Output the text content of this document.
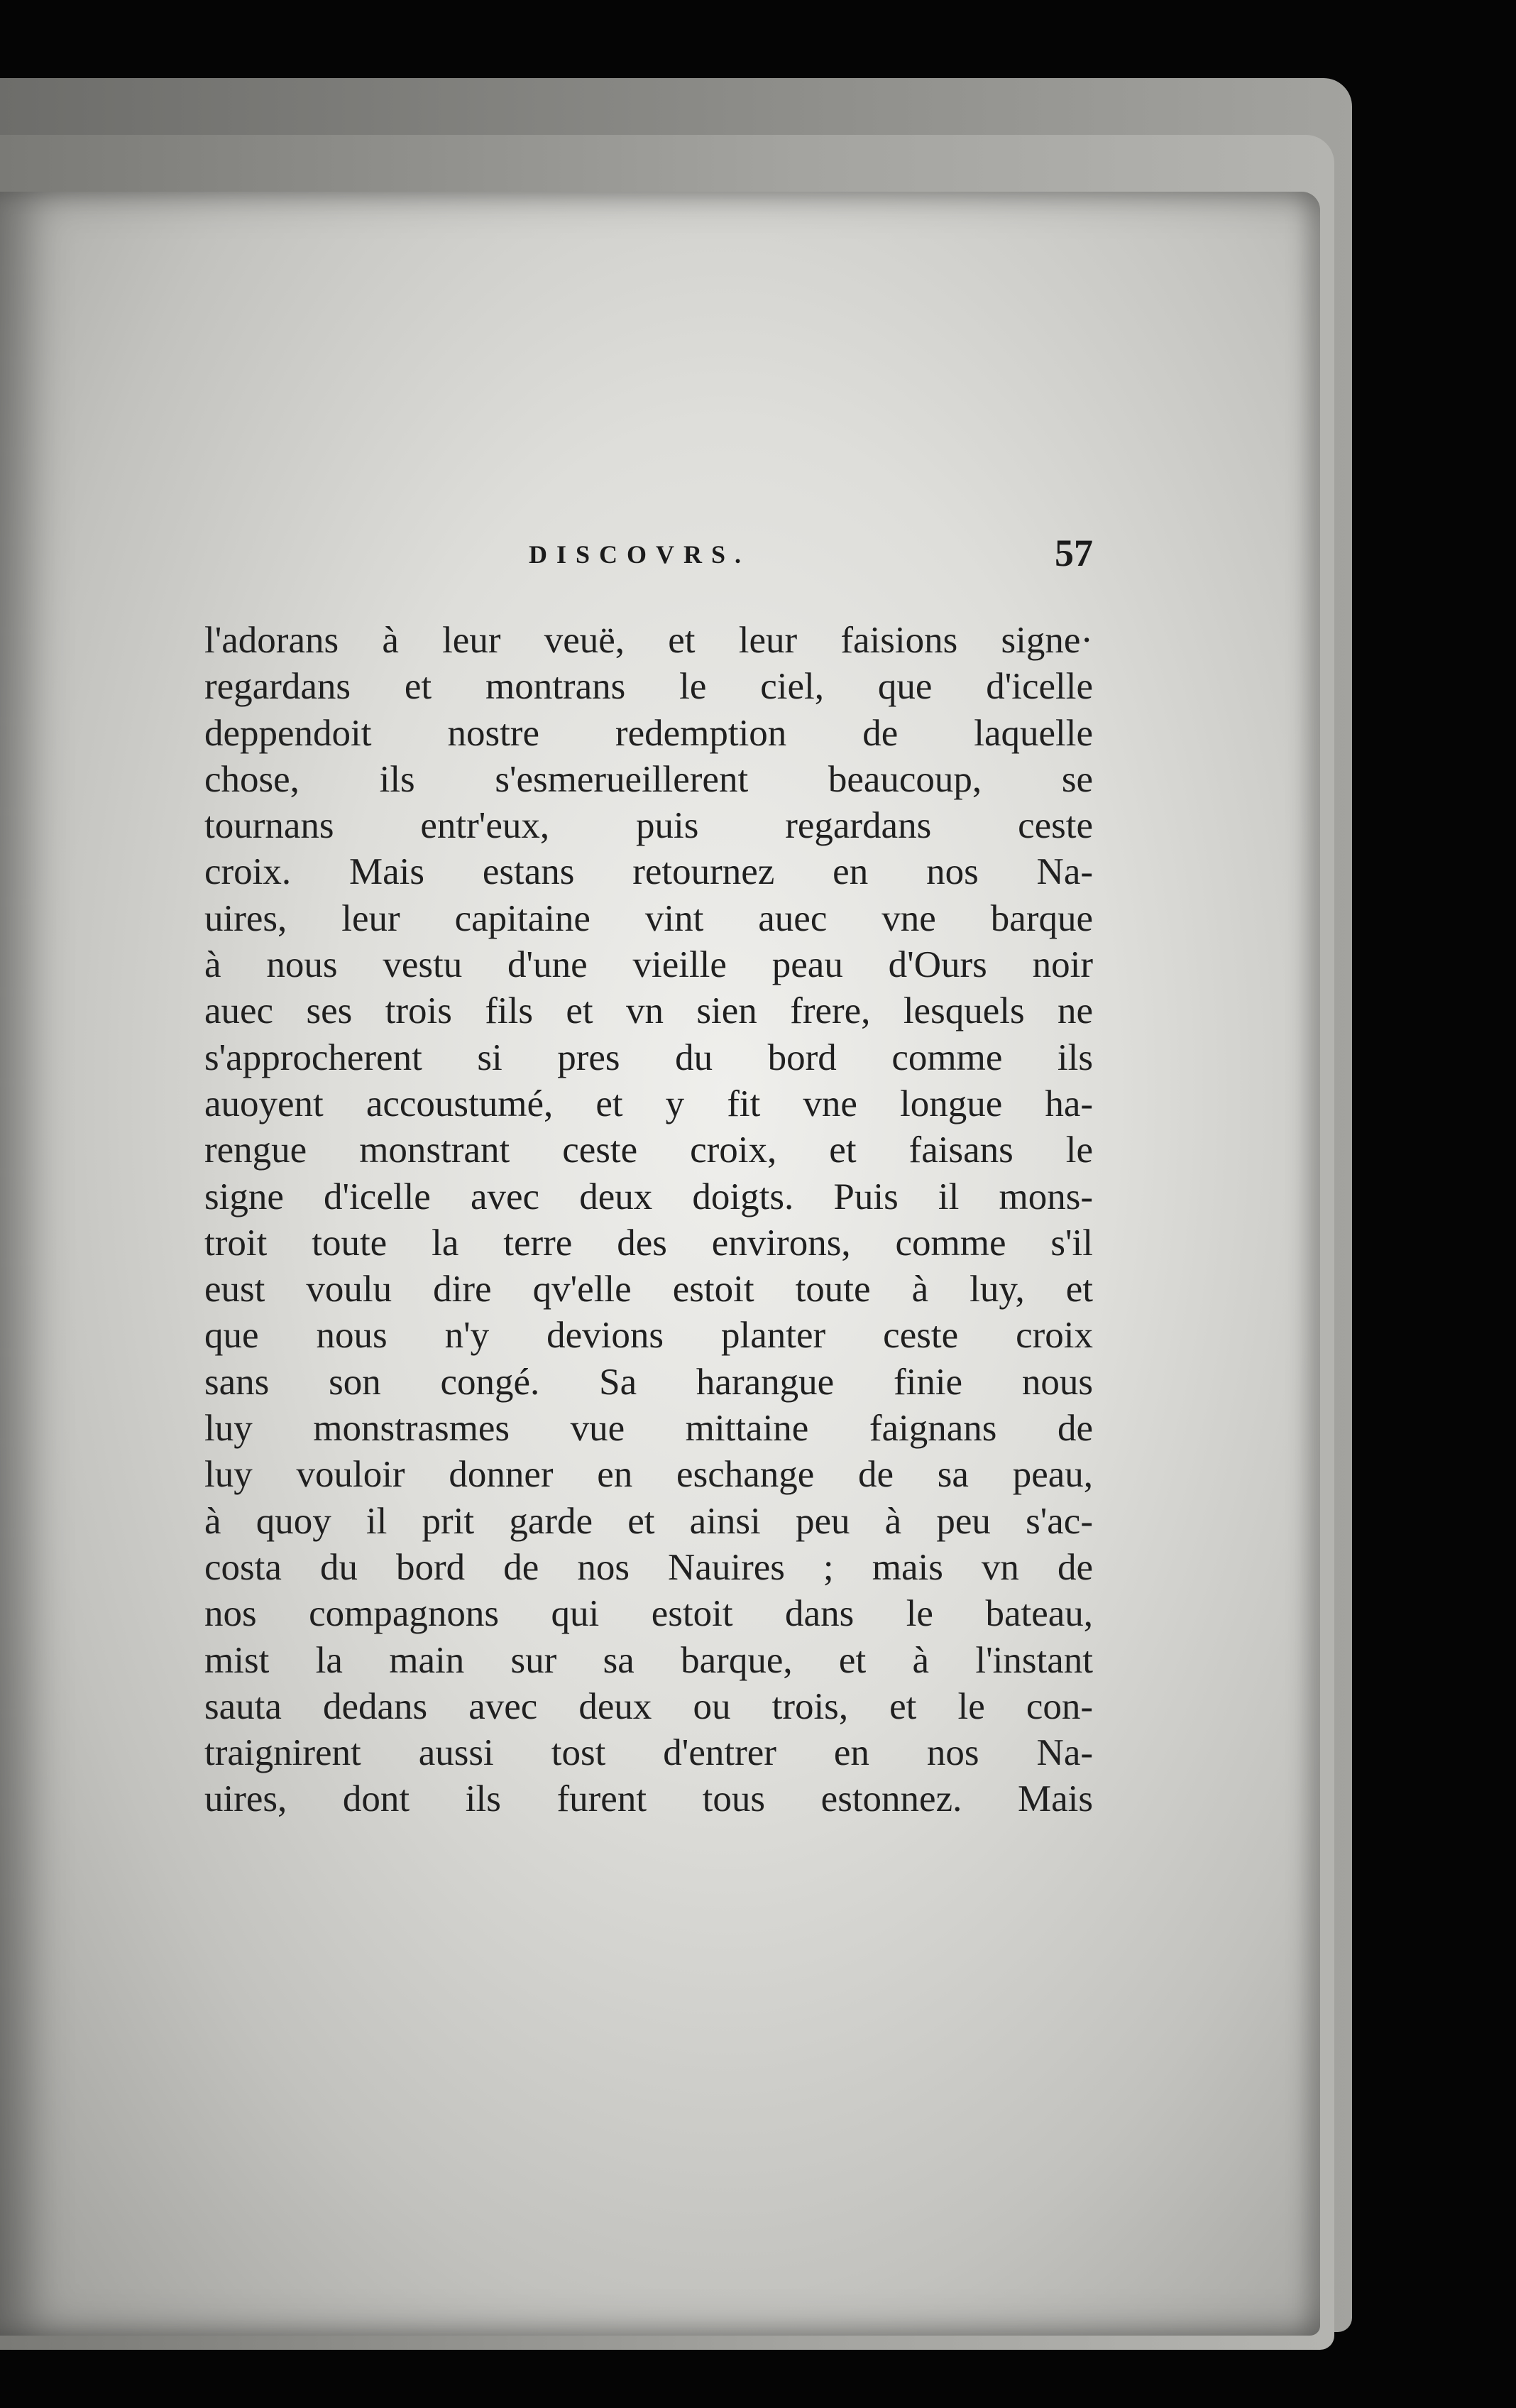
DISCOVRS.	57
l'adorans à leur veuë, et leur faisions signe·
regardans et montrans le ciel, que d'icelle
deppendoit nostre redemption de laquelle
chose, ils s'esmerueillerent beaucoup, se
tournans entr'eux, puis regardans ceste
croix. Mais estans retournez en nos Na-
uires, leur capitaine vint auec vne barque
à nous vestu d'une vieille peau d'Ours noir
auec ses trois fils et vn sien frere, lesquels ne
s'approcherent si pres du bord comme ils
auoyent accoustumé, et y fit vne longue ha-
rengue monstrant ceste croix, et faisans le
signe d'icelle avec deux doigts. Puis il mons-
troit toute la terre des environs, comme s'il
eust voulu dire qv'elle estoit toute à luy, et
que nous n'y devions planter ceste croix
sans son congé. Sa harangue finie nous
luy monstrasmes vue mittaine faignans de
luy vouloir donner en eschange de sa peau,
à quoy il prit garde et ainsi peu à peu s'ac-
costa du bord de nos Nauires ; mais vn de
nos compagnons qui estoit dans le bateau,
mist la main sur sa barque, et à l'instant
sauta dedans avec deux ou trois, et le con-
traignirent aussi tost d'entrer en nos Na-
uires, dont ils furent tous estonnez. Mais
